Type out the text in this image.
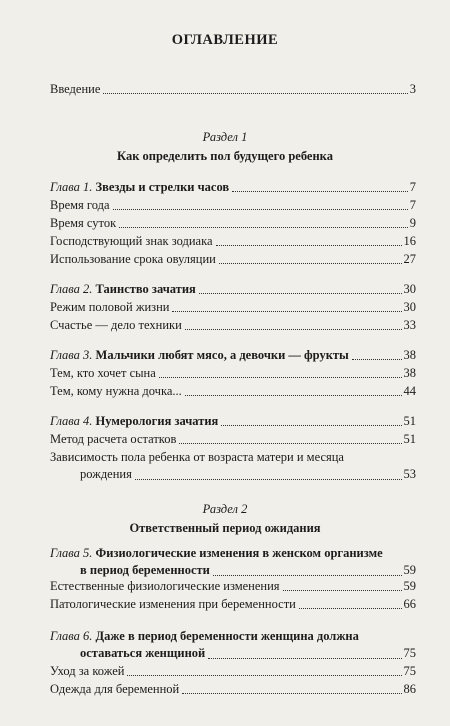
ОГЛАВЛЕНИЕ
Введение	3
Раздел 1
Как определить пол будущего ребенка
Глава 1. Звезды и стрелки часов	7
Время года	7
Время суток	9
Господствующий знак зодиака	16
Использование срока овуляции	27
Глава 2. Таинство зачатия	30
Режим половой жизни	30
Счастье — дело техники	33
Глава 3. Мальчики любят мясо, а девочки — фрукты	38
Тем, кто хочет сына	38
Тем, кому нужна дочка...	44
Глава 4. Нумерология зачатия	51
Метод расчета остатков	51
Зависимость пола ребенка от возраста матери и месяца
рождения	53
Раздел 2
Ответственный период ожидания
Глава 5. Физиологические изменения в женском организме
в период беременности	59
Естественные физиологические изменения	59
Патологические изменения при беременности	66
Глава 6. Даже в период беременности женщина должна
оставаться женщиной	75
Уход за кожей	75
Одежда для беременной	86
